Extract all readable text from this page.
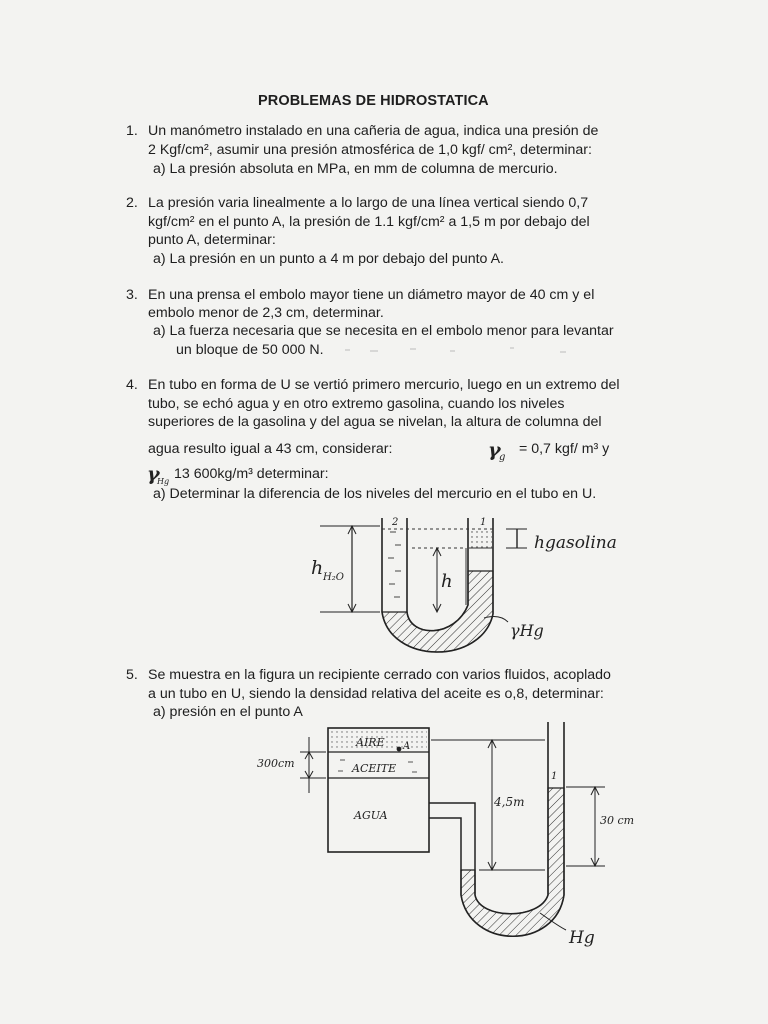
PROBLEMAS DE HIDROSTATICA
1. Un manómetro instalado en una cañeria de agua, indica una presión de
2 Kgf/cm², asumir una presión atmosférica de 1,0 kgf/ cm², determinar:
a) La presión absoluta en MPa, en mm de columna de mercurio.
2. La presión varia linealmente a lo largo de una línea vertical siendo 0,7
kgf/cm² en el punto A, la presión de 1.1 kgf/cm² a 1,5 m por debajo del
punto A, determinar:
a) La presión en un punto a 4 m por debajo del punto A.
3. En una prensa el embolo mayor tiene un diámetro mayor de 40 cm y el
embolo menor de 2,3 cm, determinar.
a) La fuerza necesaria que se necesita en el embolo menor para levantar
un bloque de 50 000 N.
4. En tubo en forma de U se vertió primero mercurio, luego en un extremo del
tubo, se echó agua y en otro extremo gasolina, cuando los niveles
superiores de la gasolina y del agua se nivelan, la altura de columna del
agua resulto igual a 43 cm, considerar:	= 0,7 kgf/ m³ y
13 600kg/m³ determinar:
a) Determinar la diferencia de los niveles del mercurio en el tubo en U.
5. Se muestra en la figura un recipiente cerrado con varios fluidos, acoplado
a un tubo en U, siendo la densidad relativa del aceite es o,8, determinar:
a) presión en el punto A
γ
g
γ
Hg
h H₂O	h
hgasolina
γHg
2	1
AIRE A
ACEITE
AGUA
300cm
4,5m
30 cm
Hg
1
